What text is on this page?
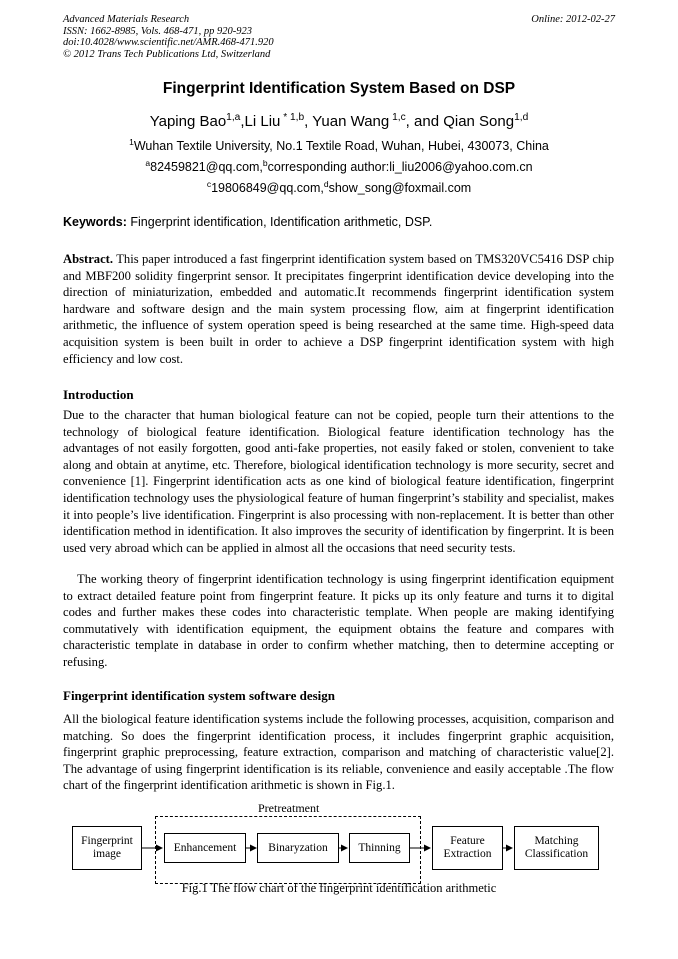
Advanced Materials Research
ISSN: 1662-8985, Vols. 468-471, pp 920-923
doi:10.4028/www.scientific.net/AMR.468-471.920
© 2012 Trans Tech Publications Ltd, Switzerland
Online: 2012-02-27
Fingerprint Identification System Based on DSP
Yaping Bao$^{1,a}$,Li Liu $^{* 1,b}$, Yuan Wang $^{1,c}$, and Qian Song$^{1,d}$
$^1$Wuhan Textile University, No.1 Textile Road, Wuhan, Hubei, 430073, China
$^a$82459821@qq.com,$^b$corresponding author:li_liu2006@yahoo.com.cn
$^c$19806849@qq.com,$^d$show_song@foxmail.com
Keywords: Fingerprint identification, Identification arithmetic, DSP.
Abstract. This paper introduced a fast fingerprint identification system based on TMS320VC5416 DSP chip and MBF200 solidity fingerprint sensor. It precipitates fingerprint identification device developing into the direction of miniaturization, embedded and automatic.It recommends fingerprint identification system hardware and software design and the main system processing flow, aim at fingerprint identification arithmetic, the influence of system operation speed is being researched at the same time. High-speed data acquisition system is been built in order to achieve a DSP fingerprint identification system with high efficiency and low cost.
Introduction
Due to the character that human biological feature can not be copied, people turn their attentions to the technology of biological feature identification. Biological feature identification technology has the advantages of not easily forgotten, good anti-fake properties, not easily faked or stolen, convenient to take along and obtain at anytime, etc. Therefore, biological identification technology is more security, secret and convenience [1]. Fingerprint identification acts as one kind of biological feature identification, fingerprint identification technology uses the physiological feature of human fingerprint’s stability and specialist, makes it into people’s live identification. Fingerprint is also processing with non-replacement. It is better than other identification method in identification. It also improves the security of identification by fingerprint. It is been used very abroad which can be applied in almost all the occasions that need security tests.
The working theory of fingerprint identification technology is using fingerprint identification equipment to extract detailed feature point from fingerprint feature. It picks up its only feature and turns it to digital codes and further makes these codes into characteristic template. When people are making identifying commutatively with identification equipment, the equipment obtains the feature and compares with characteristic template in database in order to confirm whether matching, then to determine accepting or refusing.
Fingerprint identification system software design
All the biological feature identification systems include the following processes, acquisition, comparison and matching. So does the fingerprint identification process, it includes fingerprint graphic acquisition, fingerprint graphic preprocessing, feature extraction, comparison and matching of characteristic value[2]. The advantage of using fingerprint identification is its reliable, convenience and easily acceptable .The flow chart of the fingerprint identification arithmetic is shown in Fig.1.
Pretreatment
Fingerprint
image
Enhancement	Binaryzation	Thinning
Feature
Extraction
Matching
Classification
Fig.1 The flow chart of the fingerprint identification arithmetic
